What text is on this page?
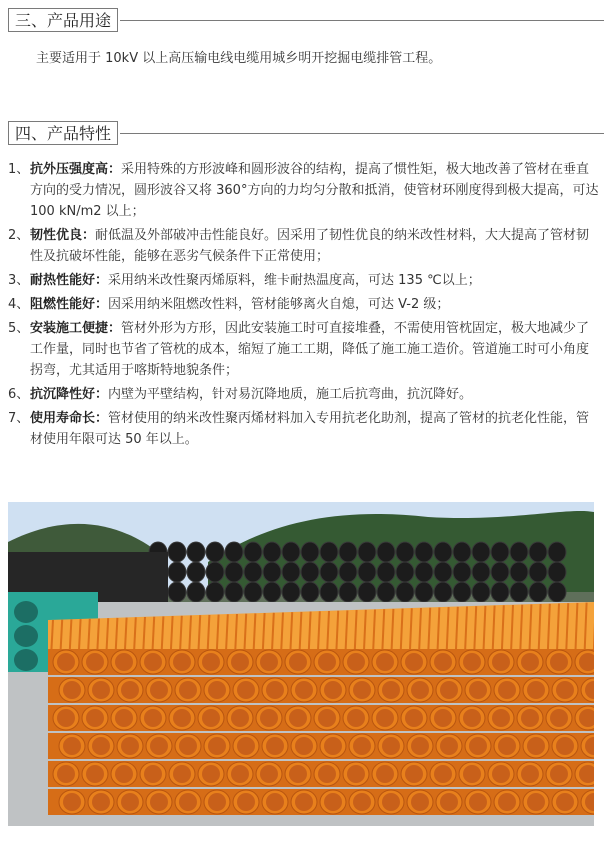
三、产品用途
主要适用于 10kV 以上高压输电线电缆用城乡明开挖掘电缆排管工程。
四、产品特性
1、 抗外压强度高：采用特殊的方形波峰和圆形波谷的结构，提高了惯性矩，极大地改善了管材在垂直方向的受力情况，圆形波谷又将 360°方向的力均匀分散和抵消，使管材环刚度得到极大提高，可达 100 kN/m2 以上；
2、 韧性优良：耐低温及外部破冲击性能良好。因采用了韧性优良的纳米改性材料，大大提高了管材韧性及抗破坏性能，能够在恶劣气候条件下正常使用；
3、 耐热性能好：采用纳米改性聚丙烯原料，维卡耐热温度高，可达 135 ℃以上；
4、 阻燃性能好：因采用纳米阻燃改性料，管材能够离火自熄，可达 V-2 级；
5、 安装施工便捷：管材外形为方形，因此安装施工时可直接堆叠，不需使用管枕固定，极大地减少了工作量，同时也节省了管枕的成本，缩短了施工工期，降低了施工施工造价。管道施工时可小角度拐弯，尤其适用于喀斯特地貌条件；
6、 抗沉降性好：内壁为平壁结构，针对易沉降地质，施工后抗弯曲，抗沉降好。
7、 使用寿命长：管材使用的纳米改性聚丙烯材料加入专用抗老化助剂，提高了管材的抗老化性能，管材使用年限可达 50 年以上。
